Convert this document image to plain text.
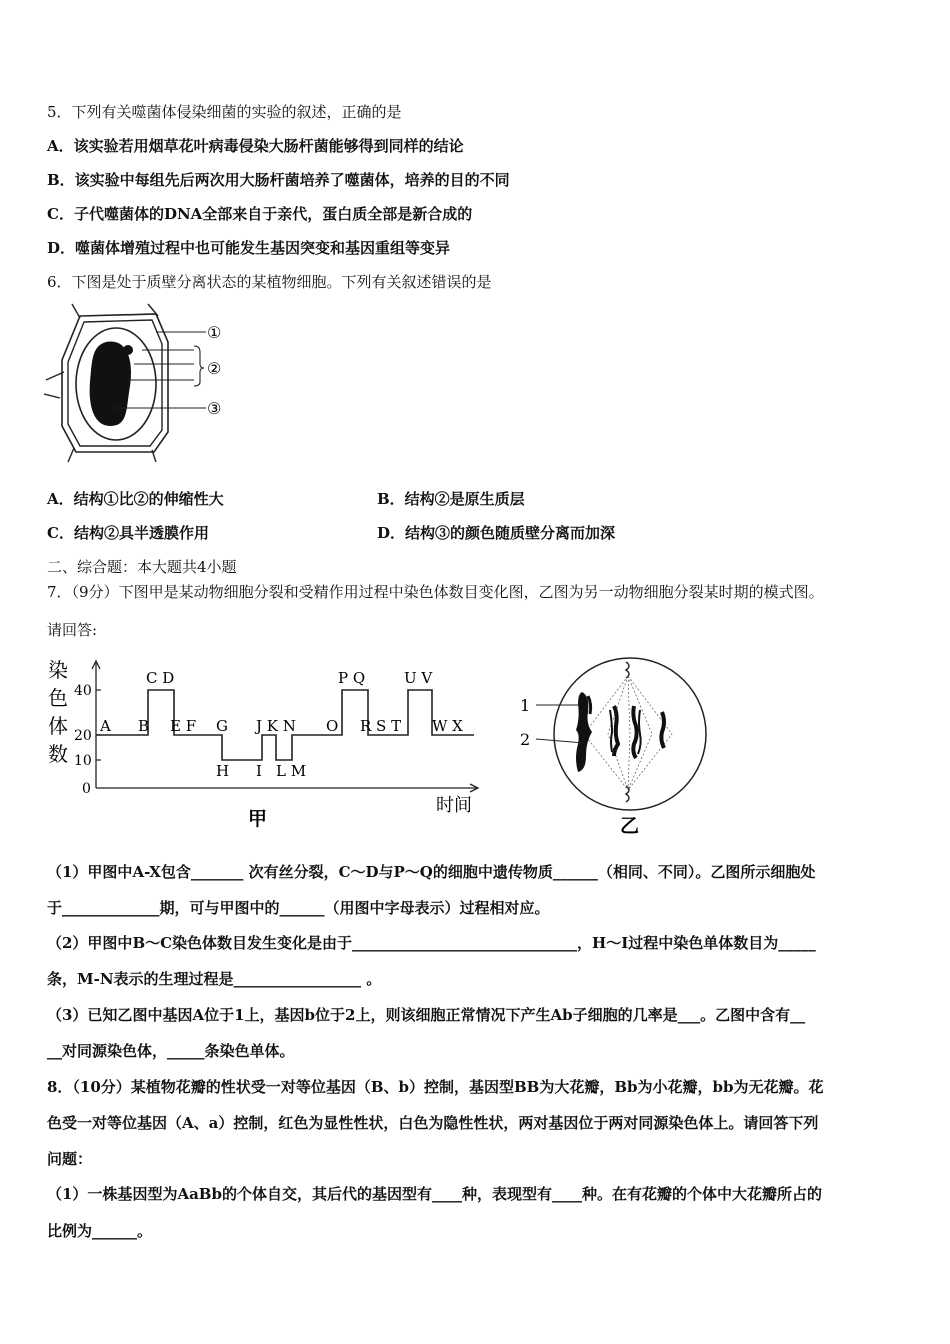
5．下列有关噬菌体侵染细菌的实验的叙述，正确的是
A．该实验若用烟草花叶病毒侵染大肠杆菌能够得到同样的结论
B．该实验中每组先后两次用大肠杆菌培养了噬菌体，培养的目的不同
C．子代噬菌体的DNA全部来自于亲代，蛋白质全部是新合成的
D．噬菌体增殖过程中也可能发生基因突变和基因重组等变异
6．下图是处于质壁分离状态的某植物细胞。下列有关叙述错误的是
①
②
③
A．结构①比②的伸缩性大	B．结构②是原生质层
C．结构②具半透膜作用	D．结构③的颜色随质壁分离而加深
二、综合题：本大题共4小题
7．（9分）下图甲是某动物细胞分裂和受精作用过程中染色体数目变化图，乙图为另一动物细胞分裂某时期的模式图。
请回答:
染
色
体
数
40
20
10
0
C D	P Q	U V
A B E F G J K N O R S T W X
H I L M
时间
甲
1
2
乙
（1）甲图中A-X包含_______ 次有丝分裂，C～D与P～Q的细胞中遗传物质______（相同、不同）。乙图所示细胞处
于_____________期，可与甲图中的______（用图中字母表示）过程相对应。
（2）甲图中B～C染色体数目发生变化是由于______________________________，H～I过程中染色单体数目为_____
条，M-N表示的生理过程是_________________ 。
（3）已知乙图中基因A位于1上，基因b位于2上，则该细胞正常情况下产生Ab子细胞的几率是___。乙图中含有__
__对同源染色体，_____条染色单体。
8．（10分）某植物花瓣的性状受一对等位基因（B、b）控制，基因型BB为大花瓣，Bb为小花瓣，bb为无花瓣。花
色受一对等位基因（A、a）控制，红色为显性性状，白色为隐性性状，两对基因位于两对同源染色体上。请回答下列
问题：
（1）一株基因型为AaBb的个体自交，其后代的基因型有____种，表现型有____种。在有花瓣的个体中大花瓣所占的
比例为______。
